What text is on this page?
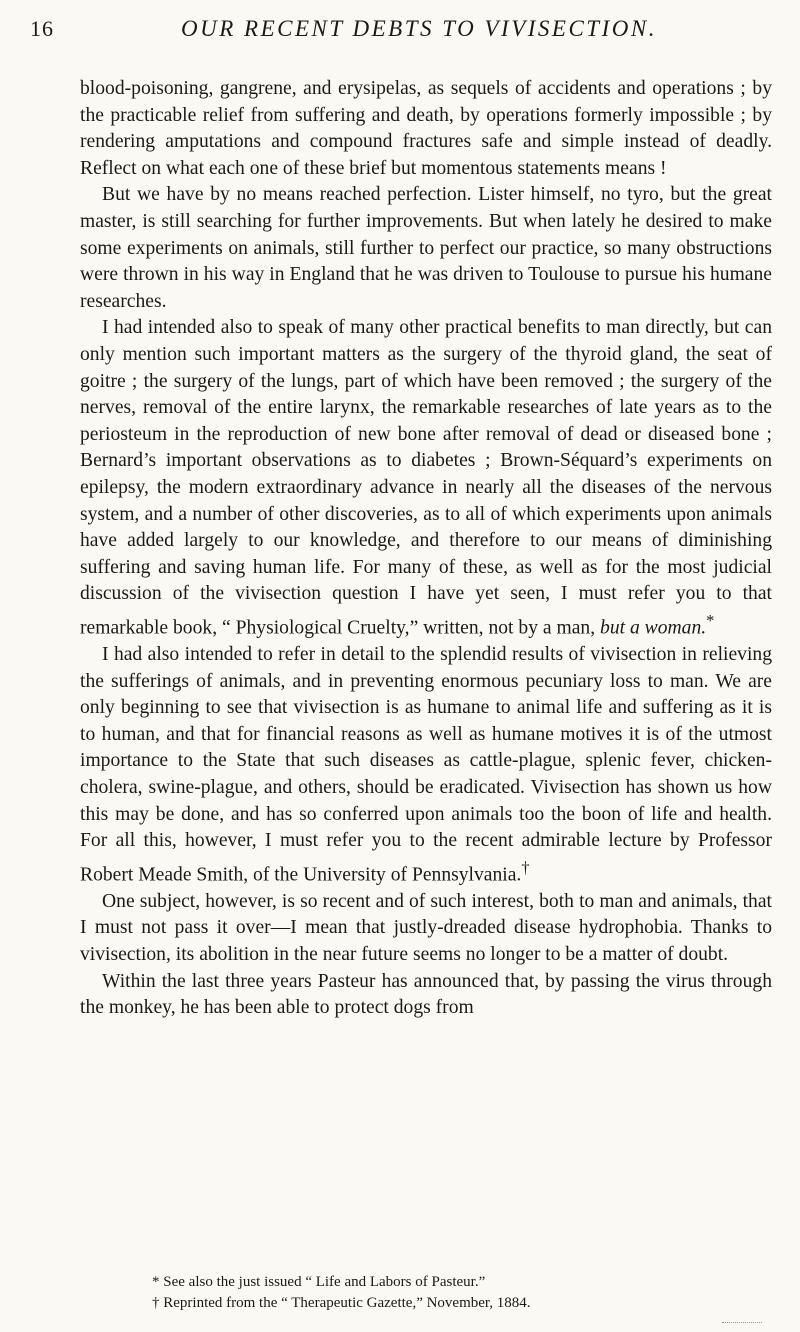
16	OUR RECENT DEBTS TO VIVISECTION.

blood-poisoning, gangrene, and erysipelas, as sequels of accidents and operations ; by the practicable relief from suffering and death, by operations formerly impossible ; by rendering amputations and compound fractures safe and simple instead of deadly. Reflect on what each one of these brief but momentous statements means !

But we have by no means reached perfection. Lister himself, no tyro, but the great master, is still searching for further improvements. But when lately he desired to make some experiments on animals, still further to perfect our practice, so many obstructions were thrown in his way in England that he was driven to Toulouse to pursue his humane researches.

I had intended also to speak of many other practical benefits to man directly, but can only mention such important matters as the surgery of the thyroid gland, the seat of goitre ; the surgery of the lungs, part of which have been removed ; the surgery of the nerves, removal of the entire larynx, the remarkable researches of late years as to the periosteum in the reproduction of new bone after removal of dead or diseased bone ; Bernard’s important observations as to diabetes ; Brown-Séquard’s experiments on epilepsy, the modern extraordinary advance in nearly all the diseases of the nervous system, and a number of other discoveries, as to all of which experiments upon animals have added largely to our knowledge, and therefore to our means of diminishing suffering and saving human life. For many of these, as well as for the most judicial discussion of the vivisection question I have yet seen, I must refer you to that remarkable book, “ Physiological Cruelty,” written, not by a man, but a woman.*

I had also intended to refer in detail to the splendid results of vivisection in relieving the sufferings of animals, and in preventing enormous pecuniary loss to man. We are only beginning to see that vivisection is as humane to animal life and suffering as it is to human, and that for financial reasons as well as humane motives it is of the utmost importance to the State that such diseases as cattle-plague, splenic fever, chicken-cholera, swine-plague, and others, should be eradicated. Vivisection has shown us how this may be done, and has so conferred upon animals too the boon of life and health. For all this, however, I must refer you to the recent admirable lecture by Professor Robert Meade Smith, of the University of Pennsylvania.†

One subject, however, is so recent and of such interest, both to man and animals, that I must not pass it over—I mean that justly-dreaded disease hydrophobia. Thanks to vivisection, its abolition in the near future seems no longer to be a matter of doubt.

Within the last three years Pasteur has announced that, by passing the virus through the monkey, he has been able to protect dogs from

* See also the just issued “ Life and Labors of Pasteur.”

† Reprinted from the “ Therapeutic Gazette,” November, 1884.
